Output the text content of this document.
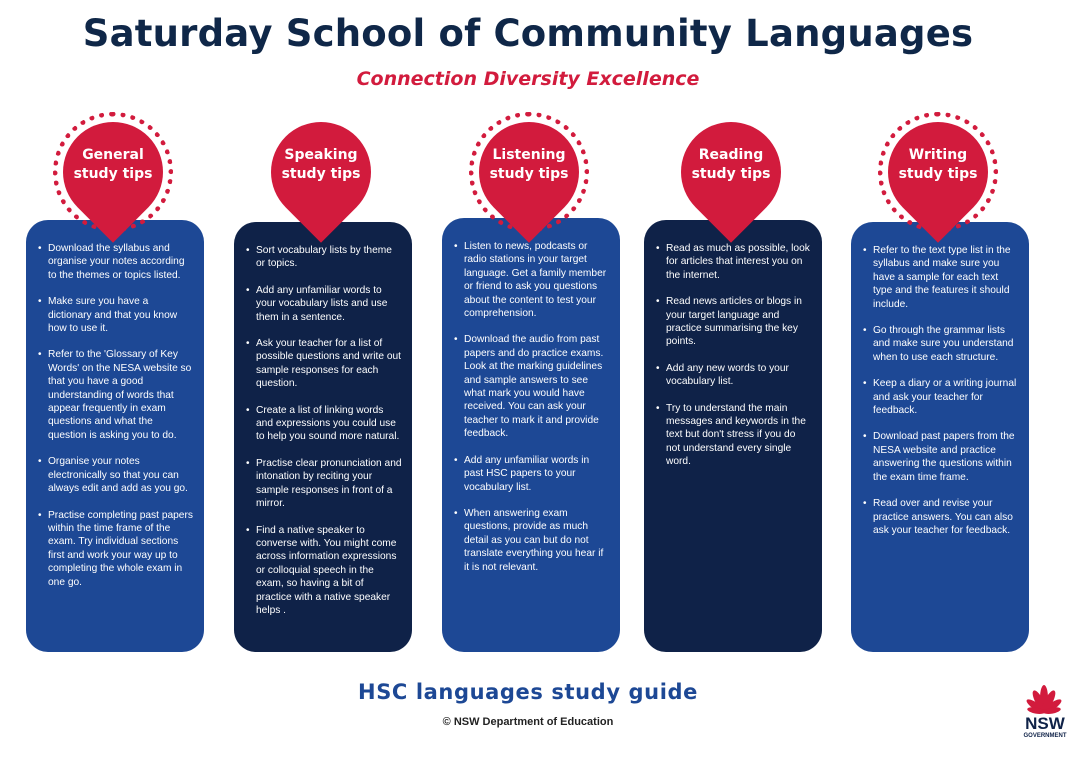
Saturday School of Community Languages
Connection Diversity Excellence
• Download the syllabus and organise your notes according to the themes or topics listed.
• Make sure you have a dictionary and that you know how to use it.
• Refer to the 'Glossary of Key Words' on the NESA website so that you have a good understanding of words that appear frequently in exam questions and what the question is asking you to do.
• Organise your notes electronically so that you can always edit and add as you go.
• Practise completing past papers within the time frame of the exam. Try individual sections first and work your way up to completing the whole exam in one go.
General
study tips
• Sort vocabulary lists by theme or topics.
• Add any unfamiliar words to your vocabulary lists and use them in a sentence.
• Ask your teacher for a list of possible questions and write out sample responses for each question.
• Create a list of linking words and expressions you could use to help you sound more natural.
• Practise clear pronunciation and intonation by reciting your sample responses in front of a mirror.
• Find a native speaker to converse with. You might come across information expressions or colloquial speech in the exam, so having a bit of practice with a native speaker helps .
Speaking
study tips
• Listen to news, podcasts or radio stations in your target language. Get a family member or friend to ask you questions about the content to test your comprehension.
• Download the audio from past papers and do practice exams. Look at the marking guidelines and sample answers to see what mark you would have received. You can ask your teacher to mark it and provide feedback.
• Add any unfamiliar words in past HSC papers to your vocabulary list.
• When answering exam questions, provide as much detail as you can but do not translate everything you hear if it is not relevant.
Listening
study tips
• Read as much as possible, look for articles that interest you on the internet.
• Read news articles or blogs in your target language and practice summarising the key points.
• Add any new words to your vocabulary list.
• Try to understand the main messages and keywords in the text but don't stress if you do not understand every single word.
Reading
study tips
• Refer to the text type list in the syllabus and make sure you have a sample for each text type and the features it should include.
• Go through the grammar lists and make sure you understand when to use each structure.
• Keep a diary or a writing journal and ask your teacher for feedback.
• Download past papers from the NESA website and practice answering the questions within the exam time frame.
• Read over and revise your practice answers. You can also ask your teacher for feedback.
Writing
study tips
HSC languages study guide
© NSW Department of Education	NSW
GOVERNMENT
